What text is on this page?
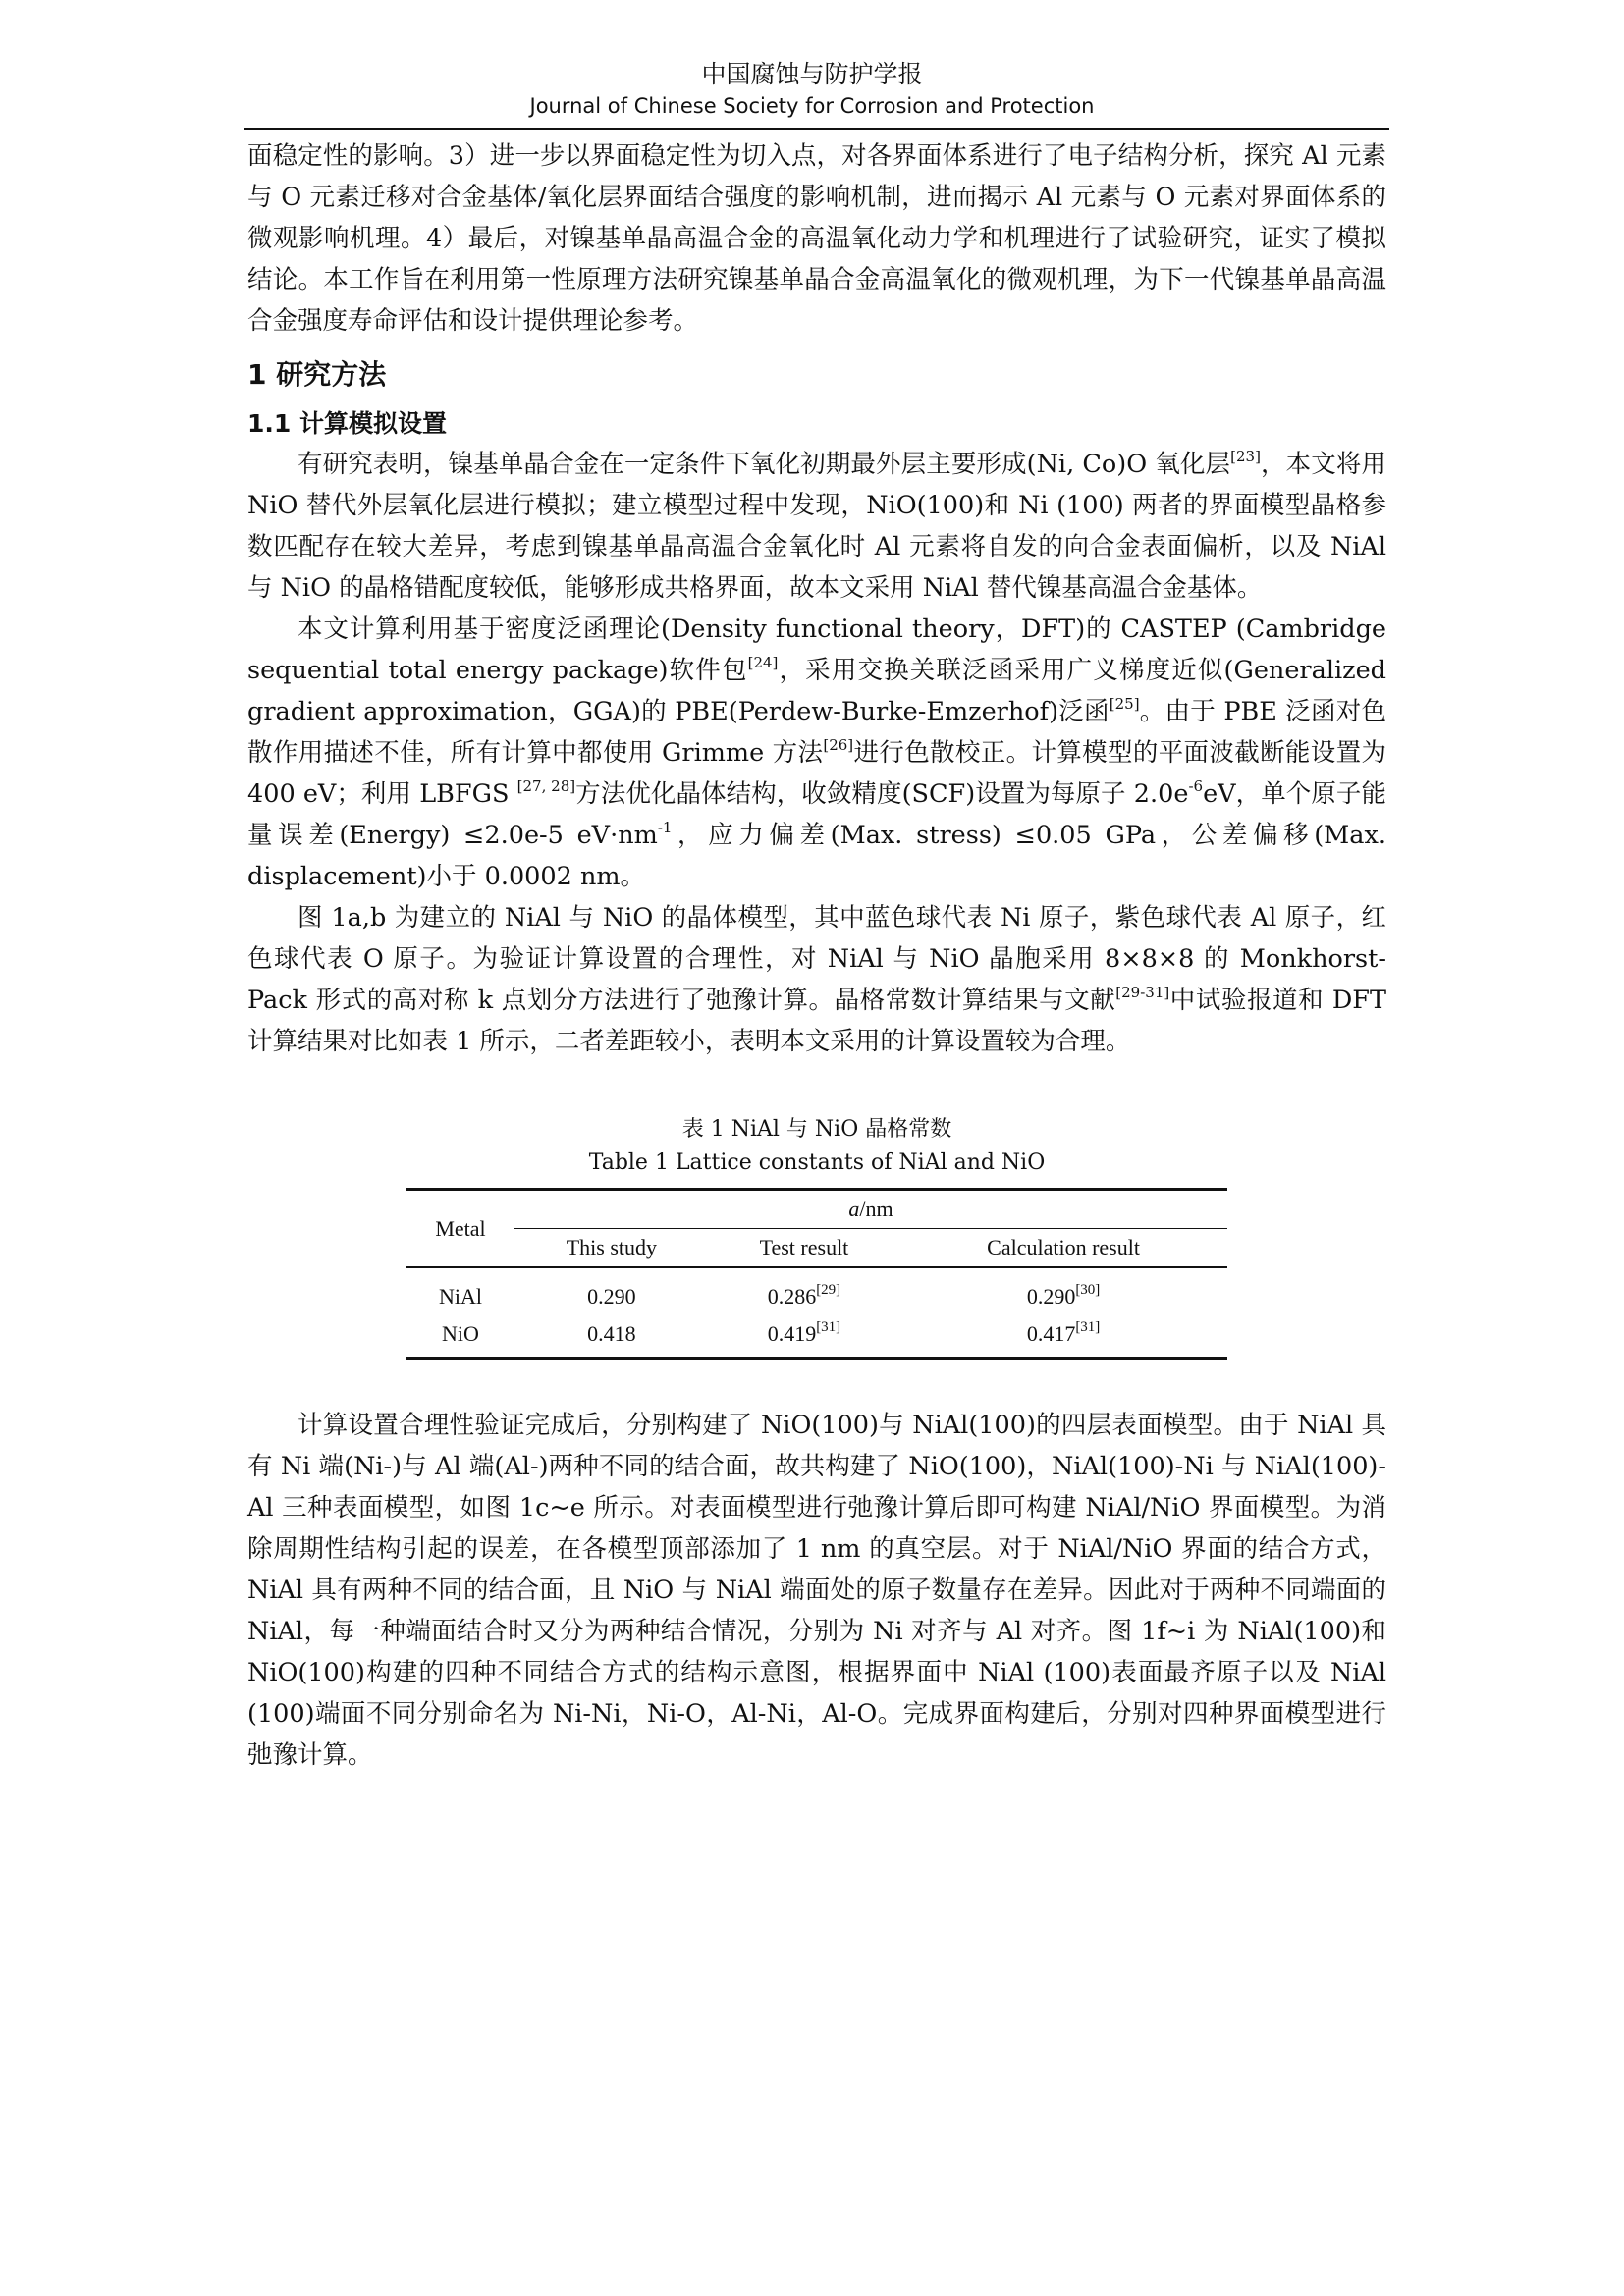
中国腐蚀与防护学报
Journal of Chinese Society for Corrosion and Protection

面稳定性的影响。3）进一步以界面稳定性为切入点，对各界面体系进行了电子结构分析，探究 Al 元素与 O 元素迁移对合金基体/氧化层界面结合强度的影响机制，进而揭示 Al 元素与 O 元素对界面体系的微观影响机理。4）最后，对镍基单晶高温合金的高温氧化动力学和机理进行了试验研究，证实了模拟结论。本工作旨在利用第一性原理方法研究镍基单晶合金高温氧化的微观机理，为下一代镍基单晶高温合金强度寿命评估和设计提供理论参考。

1 研究方法
1.1 计算模拟设置

有研究表明，镍基单晶合金在一定条件下氧化初期最外层主要形成(Ni, Co)O 氧化层[23]，本文将用 NiO 替代外层氧化层进行模拟；建立模型过程中发现，NiO(100)和 Ni (100) 两者的界面模型晶格参数匹配存在较大差异，考虑到镍基单晶高温合金氧化时 Al 元素将自发的向合金表面偏析，以及 NiAl 与 NiO 的晶格错配度较低，能够形成共格界面，故本文采用 NiAl 替代镍基高温合金基体。

本文计算利用基于密度泛函理论(Density functional theory，DFT)的 CASTEP (Cambridge sequential total energy package)软件包[24]，采用交换关联泛函采用广义梯度近似(Generalized gradient approximation，GGA)的 PBE(Perdew-Burke-Emzerhof)泛函[25]。由于 PBE 泛函对色散作用描述不佳，所有计算中都使用 Grimme 方法[26]进行色散校正。计算模型的平面波截断能设置为400 eV；利用 LBFGS [27, 28]方法优化晶体结构，收敛精度(SCF)设置为每原子 $2.0e^{-6}eV$，单个原子能量误差(Energy) ≤2.0e-5 $eV\cdot nm^{-1}$，应力偏差(Max. stress) ≤0.05 GPa，公差偏移(Max. displacement)小于 0.0002 nm。

图 1a,b 为建立的 NiAl 与 NiO 的晶体模型，其中蓝色球代表 Ni 原子，紫色球代表 Al 原子，红色球代表 O 原子。为验证计算设置的合理性，对 NiAl 与 NiO 晶胞采用 8×8×8 的 Monkhorst-Pack 形式的高对称 k 点划分方法进行了弛豫计算。晶格常数计算结果与文献[29-31]中试验报道和 DFT 计算结果对比如表 1 所示，二者差距较小，表明本文采用的计算设置较为合理。

表 1 NiAl 与 NiO 晶格常数
Table 1 Lattice constants of NiAl and NiO
Metal	a/nm		
	This study	Test result	Calculation result
NiAl	0.290	0.286[29]	0.290[30]
NiO	0.418	0.419[31]	0.417[31]

计算设置合理性验证完成后，分别构建了 NiO(100)与 NiAl(100)的四层表面模型。由于 NiAl 具有 Ni 端(Ni-)与 Al 端(Al-)两种不同的结合面，故共构建了 NiO(100)，NiAl(100)-Ni 与 NiAl(100)-Al 三种表面模型，如图 1c~e 所示。对表面模型进行弛豫计算后即可构建 NiAl/NiO 界面模型。为消除周期性结构引起的误差，在各模型顶部添加了 1 nm 的真空层。对于 NiAl/NiO 界面的结合方式，NiAl 具有两种不同的结合面，且 NiO 与 NiAl 端面处的原子数量存在差异。因此对于两种不同端面的 NiAl，每一种端面结合时又分为两种结合情况，分别为 Ni 对齐与 Al 对齐。图 1f~i 为 NiAl(100)和 NiO(100)构建的四种不同结合方式的结构示意图，根据界面中 NiAl (100)表面最齐原子以及 NiAl (100)端面不同分别命名为 Ni-Ni，Ni-O，Al-Ni，Al-O。完成界面构建后，分别对四种界面模型进行弛豫计算。
